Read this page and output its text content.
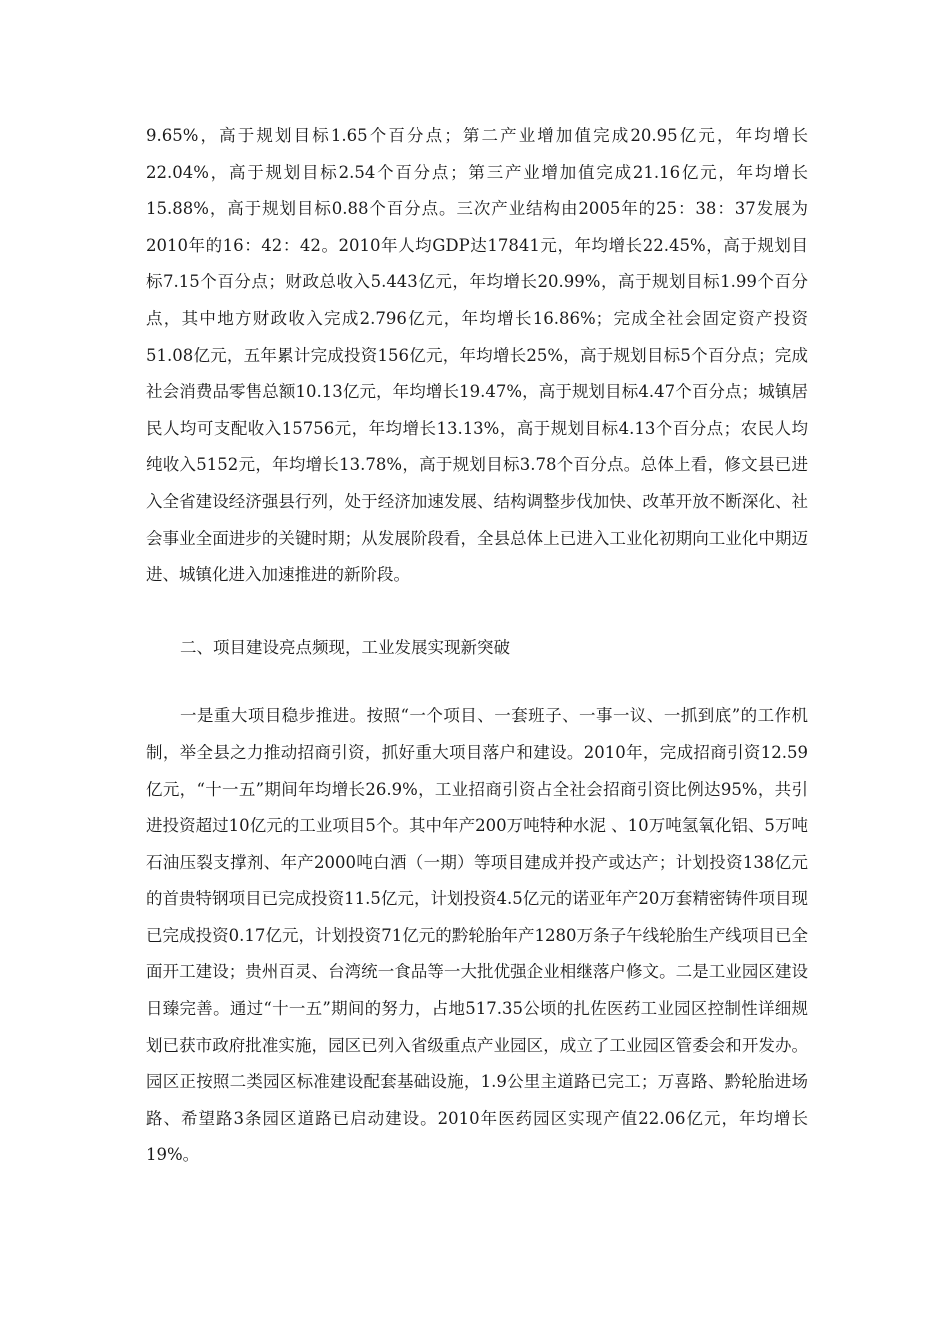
9.65%，高于规划目标1.65个百分点；第二产业增加值完成20.95亿元，年均增长22.04%，高于规划目标2.54个百分点；第三产业增加值完成21.16亿元，年均增长15.88%，高于规划目标0.88个百分点。三次产业结构由2005年的25：38：37发展为2010年的16：42：42。2010年人均GDP达17841元，年均增长22.45%，高于规划目标7.15个百分点；财政总收入5.443亿元，年均增长20.99%，高于规划目标1.99个百分点，其中地方财政收入完成2.796亿元，年均增长16.86%；完成全社会固定资产投资51.08亿元，五年累计完成投资156亿元，年均增长25%，高于规划目标5个百分点；完成社会消费品零售总额10.13亿元，年均增长19.47%，高于规划目标4.47个百分点；城镇居民人均可支配收入15756元，年均增长13.13%，高于规划目标4.13个百分点；农民人均纯收入5152元，年均增长13.78%，高于规划目标3.78个百分点。总体上看，修文县已进入全省建设经济强县行列，处于经济加速发展、结构调整步伐加快、改革开放不断深化、社会事业全面进步的关键时期；从发展阶段看，全县总体上已进入工业化初期向工业化中期迈进、城镇化进入加速推进的新阶段。

二、项目建设亮点频现，工业发展实现新突破

一是重大项目稳步推进。按照“一个项目、一套班子、一事一议、一抓到底”的工作机制，举全县之力推动招商引资，抓好重大项目落户和建设。2010年，完成招商引资12.59亿元，“十一五”期间年均增长26.9%，工业招商引资占全社会招商引资比例达95%，共引进投资超过10亿元的工业项目5个。其中年产200万吨特种水泥 、10万吨氢氧化铝、5万吨石油压裂支撑剂、年产2000吨白酒（一期）等项目建成并投产或达产；计划投资138亿元的首贵特钢项目已完成投资11.5亿元，计划投资4.5亿元的诺亚年产20万套精密铸件项目现已完成投资0.17亿元，计划投资71亿元的黔轮胎年产1280万条子午线轮胎生产线项目已全面开工建设；贵州百灵、台湾统一食品等一大批优强企业相继落户修文。二是工业园区建设日臻完善。通过“十一五”期间的努力，占地517.35公顷的扎佐医药工业园区控制性详细规划已获市政府批准实施，园区已列入省级重点产业园区，成立了工业园区管委会和开发办。园区正按照二类园区标准建设配套基础设施，1.9公里主道路已完工；万喜路、黔轮胎进场路、希望路3条园区道路已启动建设。2010年医药园区实现产值22.06亿元，年均增长19%。
